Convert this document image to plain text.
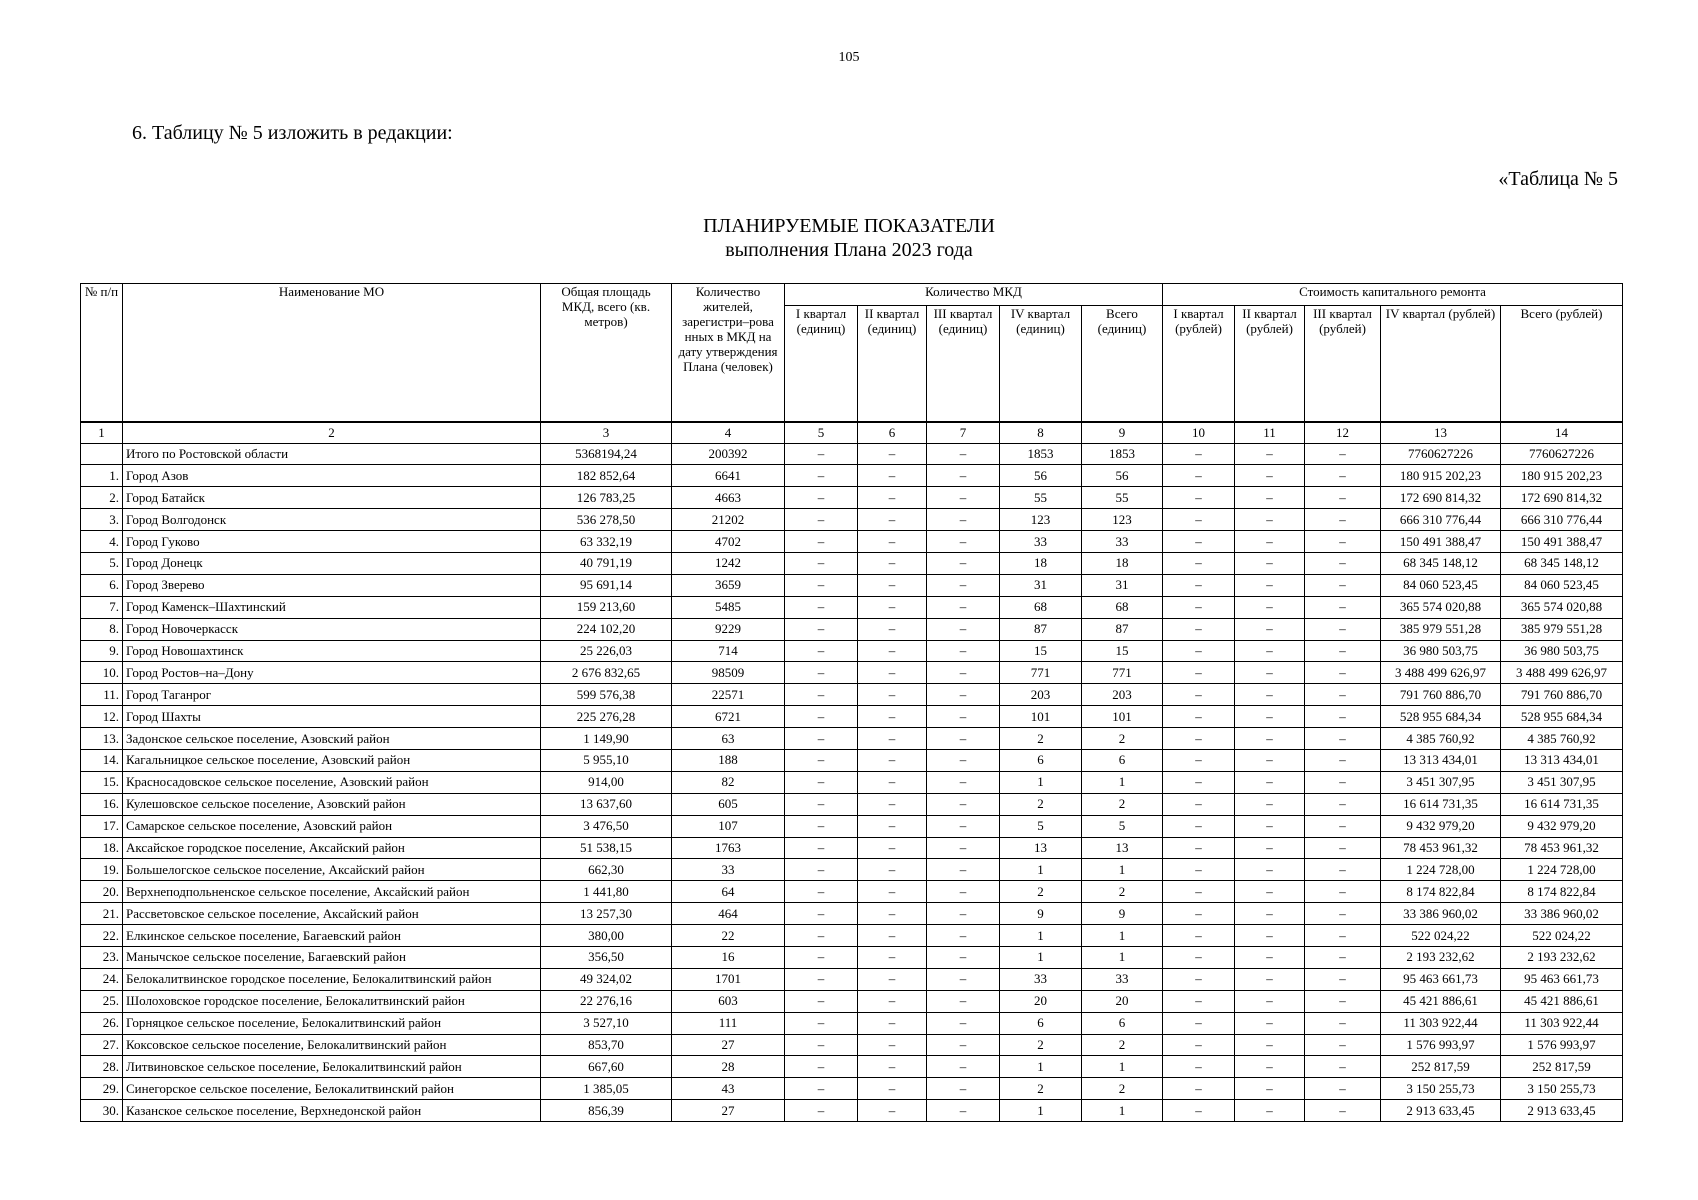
105
6. Таблицу № 5 изложить в редакции:
«Таблица № 5
ПЛАНИРУЕМЫЕ ПОКАЗАТЕЛИ
выполнения Плана 2023 года
№ п/п	Наименование МО	Общая площадь МКД, всего (кв. метров)	Количество жителей, зарегистри–рова нных в МКД на дату утверждения Плана (человек)	Количество МКД					Стоимость капитального ремонта				
				I квартал (единиц)	II квартал (единиц)	III квартал (единиц)	IV квартал (единиц)	Всего (единиц)	I квартал (рублей)	II квартал (рублей)	III квартал (рублей)	IV квартал (рублей)	Всего (рублей)
1	2	3	4	5	6	7	8	9	10	11	12	13	14
	Итого по Ростовской области	5368194,24	200392	–	–	–	1853	1853	–	–	–	7760627226	7760627226
1.	Город Азов	182 852,64	6641	–	–	–	56	56	–	–	–	180 915 202,23	180 915 202,23
2.	Город Батайск	126 783,25	4663	–	–	–	55	55	–	–	–	172 690 814,32	172 690 814,32
3.	Город Волгодонск	536 278,50	21202	–	–	–	123	123	–	–	–	666 310 776,44	666 310 776,44
4.	Город Гуково	63 332,19	4702	–	–	–	33	33	–	–	–	150 491 388,47	150 491 388,47
5.	Город Донецк	40 791,19	1242	–	–	–	18	18	–	–	–	68 345 148,12	68 345 148,12
6.	Город Зверево	95 691,14	3659	–	–	–	31	31	–	–	–	84 060 523,45	84 060 523,45
7.	Город Каменск–Шахтинский	159 213,60	5485	–	–	–	68	68	–	–	–	365 574 020,88	365 574 020,88
8.	Город Новочеркасск	224 102,20	9229	–	–	–	87	87	–	–	–	385 979 551,28	385 979 551,28
9.	Город Новошахтинск	25 226,03	714	–	–	–	15	15	–	–	–	36 980 503,75	36 980 503,75
10.	Город Ростов–на–Дону	2 676 832,65	98509	–	–	–	771	771	–	–	–	3 488 499 626,97	3 488 499 626,97
11.	Город Таганрог	599 576,38	22571	–	–	–	203	203	–	–	–	791 760 886,70	791 760 886,70
12.	Город Шахты	225 276,28	6721	–	–	–	101	101	–	–	–	528 955 684,34	528 955 684,34
13.	Задонское сельское поселение, Азовский район	1 149,90	63	–	–	–	2	2	–	–	–	4 385 760,92	4 385 760,92
14.	Кагальницкое сельское поселение, Азовский район	5 955,10	188	–	–	–	6	6	–	–	–	13 313 434,01	13 313 434,01
15.	Красносадовское сельское поселение, Азовский район	914,00	82	–	–	–	1	1	–	–	–	3 451 307,95	3 451 307,95
16.	Кулешовское сельское поселение, Азовский район	13 637,60	605	–	–	–	2	2	–	–	–	16 614 731,35	16 614 731,35
17.	Самарское сельское поселение, Азовский район	3 476,50	107	–	–	–	5	5	–	–	–	9 432 979,20	9 432 979,20
18.	Аксайское городское поселение, Аксайский район	51 538,15	1763	–	–	–	13	13	–	–	–	78 453 961,32	78 453 961,32
19.	Большелогское сельское поселение, Аксайский район	662,30	33	–	–	–	1	1	–	–	–	1 224 728,00	1 224 728,00
20.	Верхнеподпольненское сельское поселение, Аксайский район	1 441,80	64	–	–	–	2	2	–	–	–	8 174 822,84	8 174 822,84
21.	Рассветовское сельское поселение, Аксайский район	13 257,30	464	–	–	–	9	9	–	–	–	33 386 960,02	33 386 960,02
22.	Елкинское сельское поселение, Багаевский район	380,00	22	–	–	–	1	1	–	–	–	522 024,22	522 024,22
23.	Манычское сельское поселение, Багаевский район	356,50	16	–	–	–	1	1	–	–	–	2 193 232,62	2 193 232,62
24.	Белокалитвинское городское поселение, Белокалитвинский район	49 324,02	1701	–	–	–	33	33	–	–	–	95 463 661,73	95 463 661,73
25.	Шолоховское городское поселение, Белокалитвинский район	22 276,16	603	–	–	–	20	20	–	–	–	45 421 886,61	45 421 886,61
26.	Горняцкое сельское поселение, Белокалитвинский район	3 527,10	111	–	–	–	6	6	–	–	–	11 303 922,44	11 303 922,44
27.	Коксовское сельское поселение, Белокалитвинский район	853,70	27	–	–	–	2	2	–	–	–	1 576 993,97	1 576 993,97
28.	Литвиновское сельское поселение, Белокалитвинский район	667,60	28	–	–	–	1	1	–	–	–	252 817,59	252 817,59
29.	Синегорское сельское поселение, Белокалитвинский район	1 385,05	43	–	–	–	2	2	–	–	–	3 150 255,73	3 150 255,73
30.	Казанское сельское поселение, Верхнедонской район	856,39	27	–	–	–	1	1	–	–	–	2 913 633,45	2 913 633,45
